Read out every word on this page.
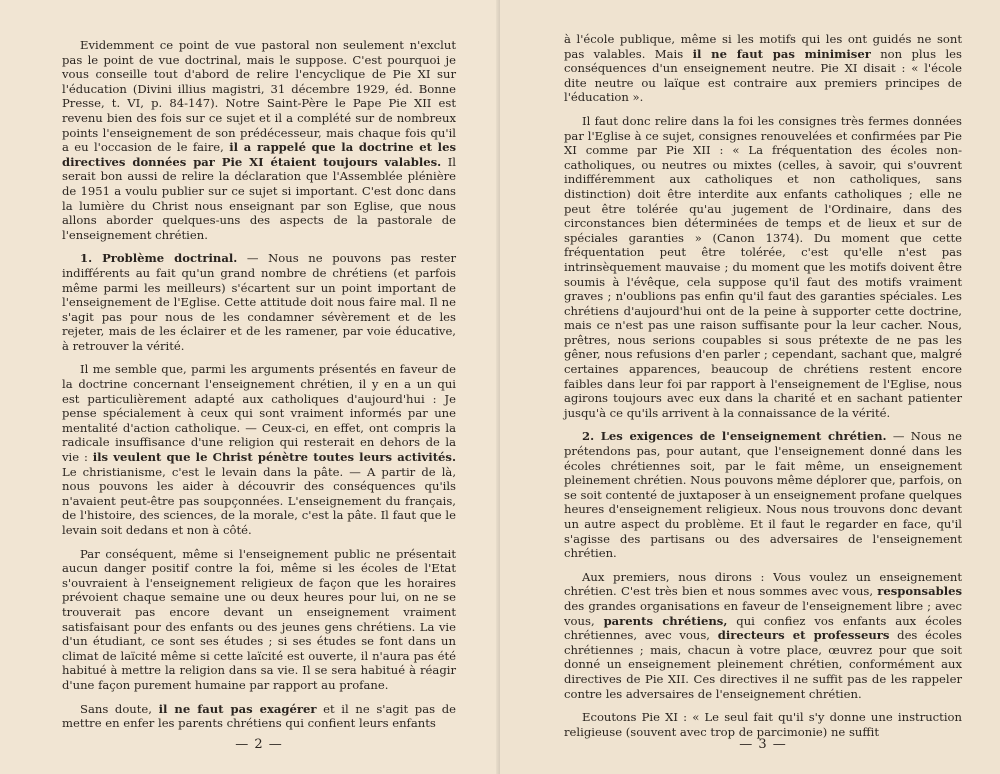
Evidemment ce point de vue pastoral non seulement n'exclut pas le point de vue doctrinal, mais le suppose. C'est pourquoi je vous conseille tout d'abord de relire l'encyclique de Pie XI sur l'éducation (Divini illius magistri, 31 décembre 1929, éd. Bonne Presse, t. VI, p. 84-147). Notre Saint-Père le Pape Pie XII est revenu bien des fois sur ce sujet et il a complété sur de nombreux points l'enseignement de son prédécesseur, mais chaque fois qu'il a eu l'occasion de le faire, il a rappelé que la doctrine et les directives données par Pie XI étaient toujours valables. Il serait bon aussi de relire la déclaration que l'Assemblée plénière de 1951 a voulu publier sur ce sujet si important. C'est donc dans la lumière du Christ nous enseignant par son Eglise, que nous allons aborder quelques-uns des aspects de la pastorale de l'enseignement chrétien.

1. Problème doctrinal. — Nous ne pouvons pas rester indifférents au fait qu'un grand nombre de chrétiens (et parfois même parmi les meilleurs) s'écartent sur un point important de l'enseignement de l'Eglise. Cette attitude doit nous faire mal. Il ne s'agit pas pour nous de les condamner sévèrement et de les rejeter, mais de les éclairer et de les ramener, par voie éducative, à retrouver la vérité.

Il me semble que, parmi les arguments présentés en faveur de la doctrine concernant l'enseignement chrétien, il y en a un qui est particulièrement adapté aux catholiques d'aujourd'hui : Je pense spécialement à ceux qui sont vraiment informés par une mentalité d'action catholique. — Ceux-ci, en effet, ont compris la radicale insuffisance d'une religion qui resterait en dehors de la vie : ils veulent que le Christ pénètre toutes leurs activités. Le christianisme, c'est le levain dans la pâte. — A partir de là, nous pouvons les aider à découvrir des conséquences qu'ils n'avaient peut-être pas soupçonnées. L'enseignement du français, de l'histoire, des sciences, de la morale, c'est la pâte. Il faut que le levain soit dedans et non à côté.

Par conséquent, même si l'enseignement public ne présentait aucun danger positif contre la foi, même si les écoles de l'Etat s'ouvraient à l'enseignement religieux de façon que les horaires prévoient chaque semaine une ou deux heures pour lui, on ne se trouverait pas encore devant un enseignement vraiment satisfaisant pour des enfants ou des jeunes gens chrétiens. La vie d'un étudiant, ce sont ses études ; si ses études se font dans un climat de laïcité même si cette laïcité est ouverte, il n'aura pas été habitué à mettre la religion dans sa vie. Il se sera habitué à réagir d'une façon purement humaine par rapport au profane.

Sans doute, il ne faut pas exagérer et il ne s'agit pas de mettre en enfer les parents chrétiens qui confient leurs enfants

— 2 —

à l'école publique, même si les motifs qui les ont guidés ne sont pas valables. Mais il ne faut pas minimiser non plus les conséquences d'un enseignement neutre. Pie XI disait : « l'école dite neutre ou laïque est contraire aux premiers principes de l'éducation ».

Il faut donc relire dans la foi les consignes très fermes données par l'Eglise à ce sujet, consignes renouvelées et confirmées par Pie XI comme par Pie XII : « La fréquentation des écoles non-catholiques, ou neutres ou mixtes (celles, à savoir, qui s'ouvrent indifféremment aux catholiques et non catholiques, sans distinction) doit être interdite aux enfants catholiques ; elle ne peut être tolérée qu'au jugement de l'Ordinaire, dans des circonstances bien déterminées de temps et de lieux et sur de spéciales garanties » (Canon 1374). Du moment que cette fréquentation peut être tolérée, c'est qu'elle n'est pas intrinsèquement mauvaise ; du moment que les motifs doivent être soumis à l'évêque, cela suppose qu'il faut des motifs vraiment graves ; n'oublions pas enfin qu'il faut des garanties spéciales. Les chrétiens d'aujourd'hui ont de la peine à supporter cette doctrine, mais ce n'est pas une raison suffisante pour la leur cacher. Nous, prêtres, nous serions coupables si sous prétexte de ne pas les gêner, nous refusions d'en parler ; cependant, sachant que, malgré certaines apparences, beaucoup de chrétiens restent encore faibles dans leur foi par rapport à l'enseignement de l'Eglise, nous agirons toujours avec eux dans la charité et en sachant patienter jusqu'à ce qu'ils arrivent à la connaissance de la vérité.

2. Les exigences de l'enseignement chrétien. — Nous ne prétendons pas, pour autant, que l'enseignement donné dans les écoles chrétiennes soit, par le fait même, un enseignement pleinement chrétien. Nous pouvons même déplorer que, parfois, on se soit contenté de juxtaposer à un enseignement profane quelques heures d'enseignement religieux. Nous nous trouvons donc devant un autre aspect du problème. Et il faut le regarder en face, qu'il s'agisse des partisans ou des adversaires de l'enseignement chrétien.

Aux premiers, nous dirons : Vous voulez un enseignement chrétien. C'est très bien et nous sommes avec vous, responsables des grandes organisations en faveur de l'enseignement libre ; avec vous, parents chrétiens, qui confiez vos enfants aux écoles chrétiennes, avec vous, directeurs et professeurs des écoles chrétiennes ; mais, chacun à votre place, œuvrez pour que soit donné un enseignement pleinement chrétien, conformément aux directives de Pie XII. Ces directives il ne suffit pas de les rappeler contre les adversaires de l'enseignement chrétien.

Ecoutons Pie XI : « Le seul fait qu'il s'y donne une instruction religieuse (souvent avec trop de parcimonie) ne suffit

— 3 —
